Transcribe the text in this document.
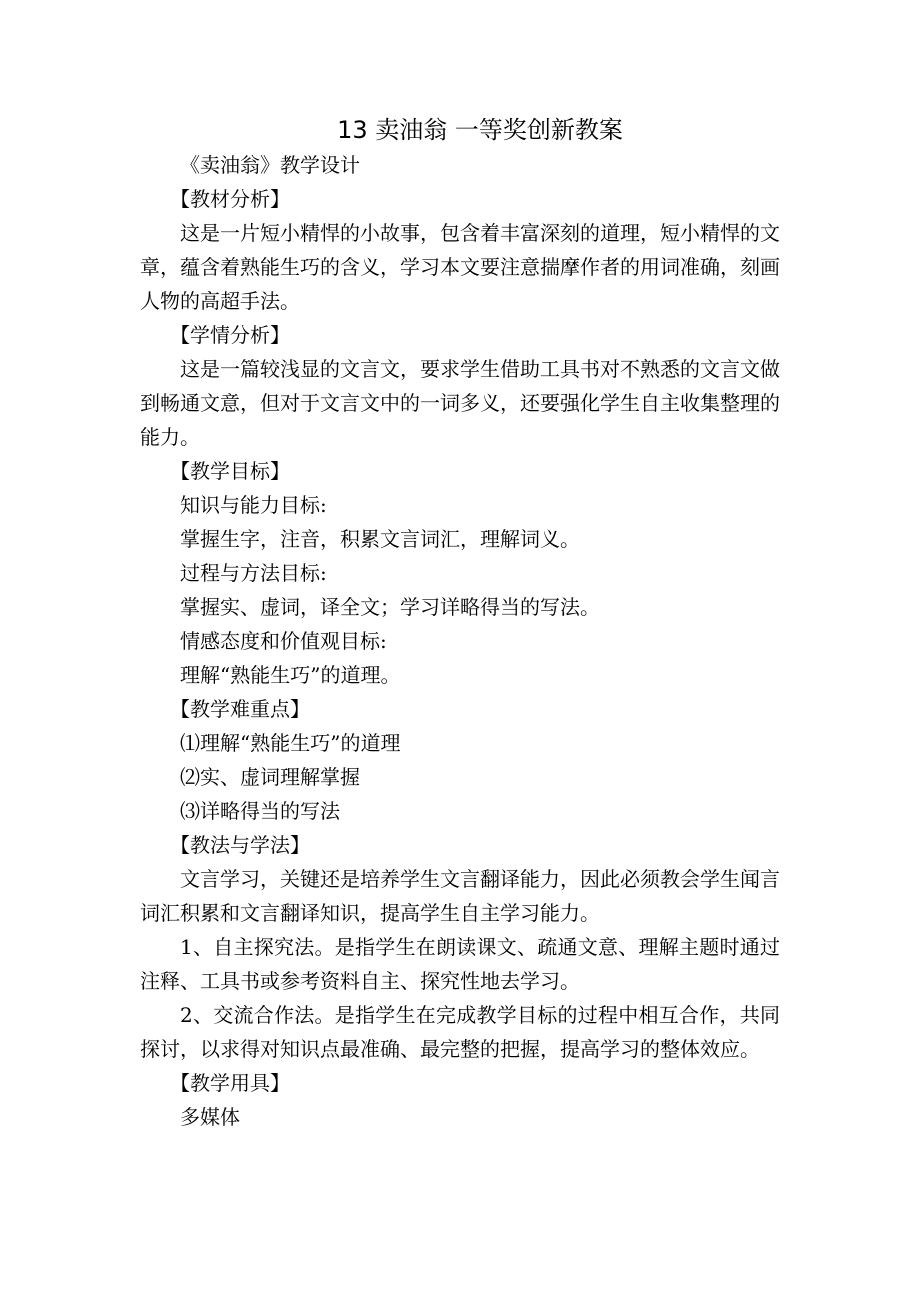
13 卖油翁 一等奖创新教案

《卖油翁》教学设计

【教材分析】

这是一片短小精悍的小故事，包含着丰富深刻的道理，短小精悍的文章，蕴含着熟能生巧的含义，学习本文要注意揣摩作者的用词准确，刻画人物的高超手法。

【学情分析】

这是一篇较浅显的文言文，要求学生借助工具书对不熟悉的文言文做到畅通文意，但对于文言文中的一词多义，还要强化学生自主收集整理的能力。

【教学目标】

知识与能力目标:

掌握生字，注音，积累文言词汇，理解词义。

过程与方法目标:

掌握实、虚词，译全文；学习详略得当的写法。

情感态度和价值观目标:

理解“熟能生巧”的道理。

【教学难重点】

⑴理解“熟能生巧”的道理

⑵实、虚词理解掌握

⑶详略得当的写法

【教法与学法】

文言学习，关键还是培养学生文言翻译能力，因此必须教会学生闻言词汇积累和文言翻译知识，提高学生自主学习能力。

1、自主探究法。是指学生在朗读课文、疏通文意、理解主题时通过注释、工具书或参考资料自主、探究性地去学习。

2、交流合作法。是指学生在完成教学目标的过程中相互合作，共同探讨，以求得对知识点最准确、最完整的把握，提高学习的整体效应。

【教学用具】

多媒体
